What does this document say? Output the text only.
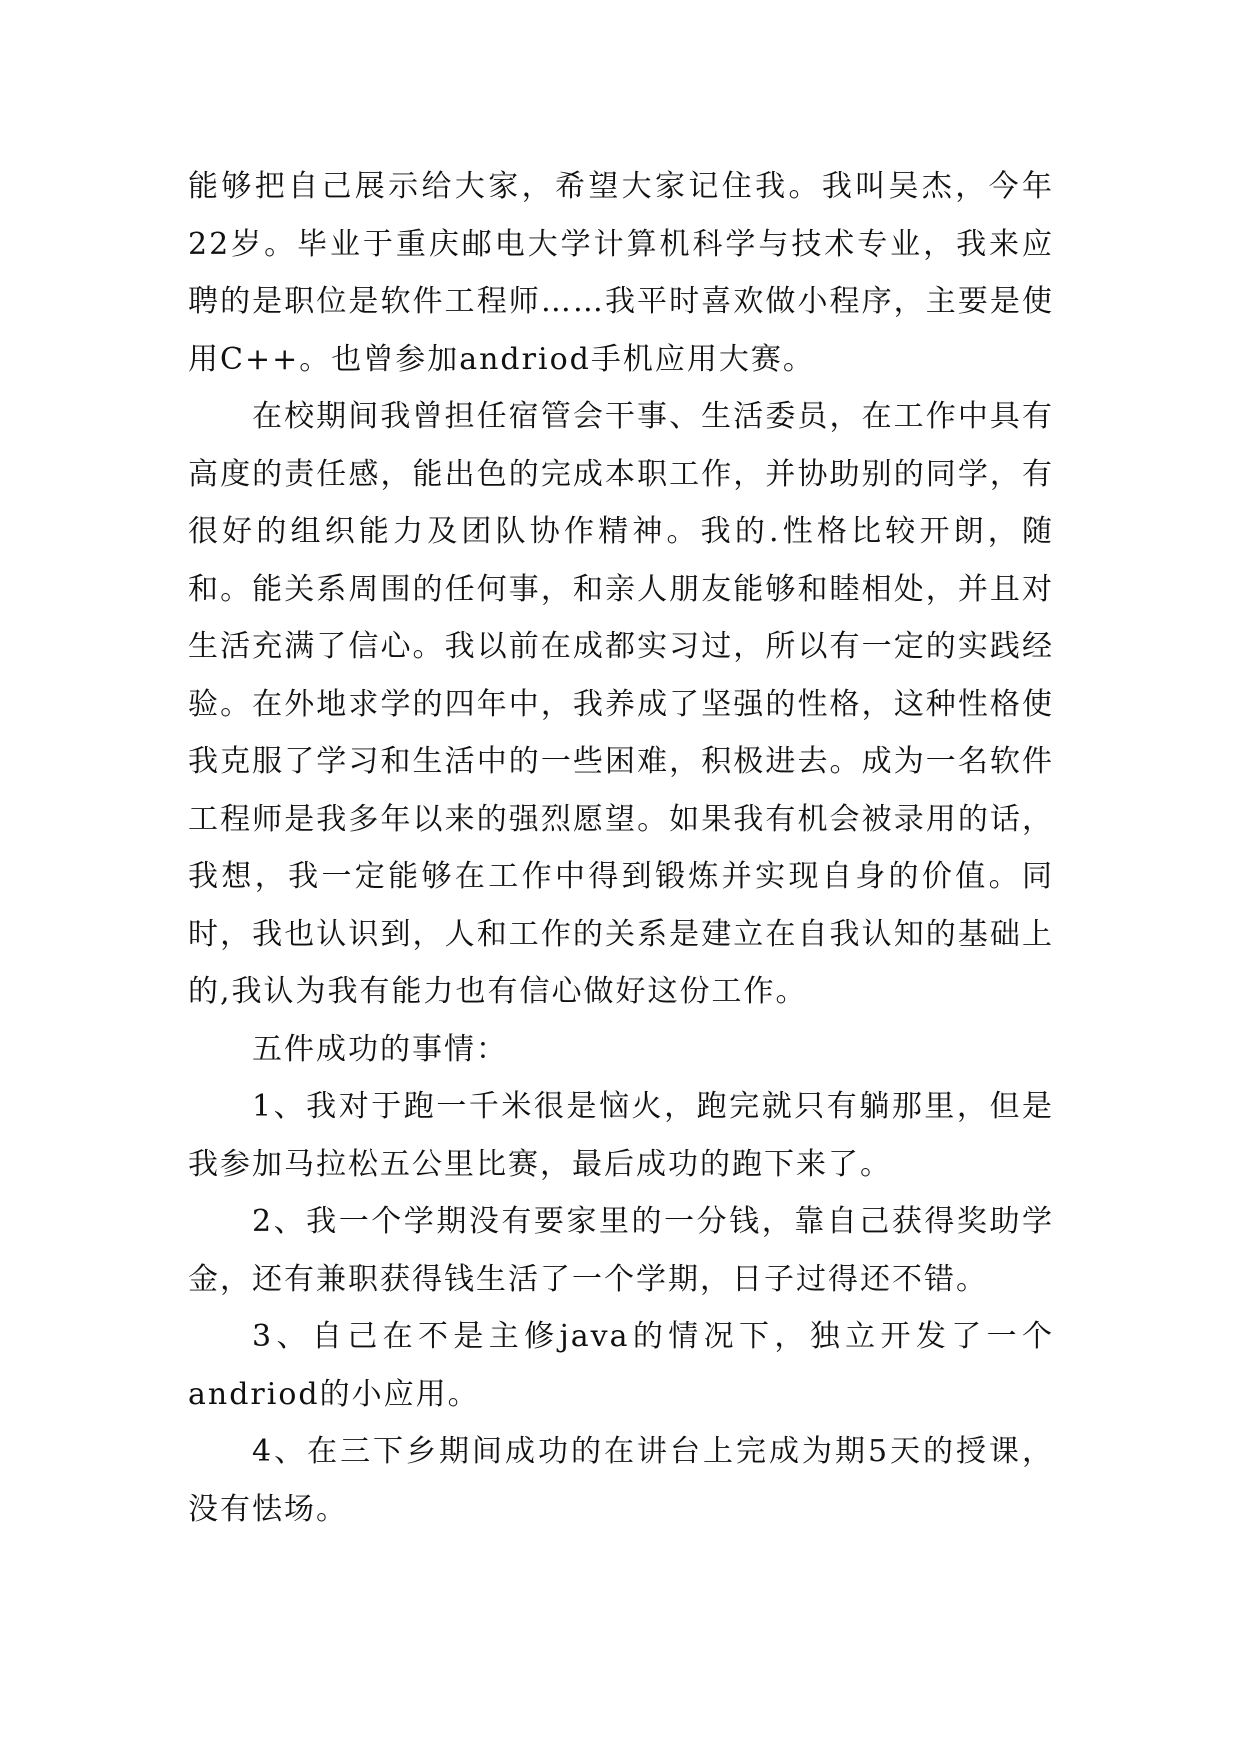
能够把自己展示给大家，希望大家记住我。我叫吴杰，今年22岁。毕业于重庆邮电大学计算机科学与技术专业，我来应聘的是职位是软件工程师……我平时喜欢做小程序，主要是使用C++。也曾参加andriod手机应用大赛。

在校期间我曾担任宿管会干事、生活委员，在工作中具有高度的责任感，能出色的完成本职工作，并协助别的同学，有很好的组织能力及团队协作精神。我的.性格比较开朗，随和。能关系周围的任何事，和亲人朋友能够和睦相处，并且对生活充满了信心。我以前在成都实习过，所以有一定的实践经验。在外地求学的四年中，我养成了坚强的性格，这种性格使我克服了学习和生活中的一些困难，积极进去。成为一名软件工程师是我多年以来的强烈愿望。如果我有机会被录用的话，我想，我一定能够在工作中得到锻炼并实现自身的价值。同时，我也认识到，人和工作的关系是建立在自我认知的基础上的,我认为我有能力也有信心做好这份工作。

五件成功的事情：

1、我对于跑一千米很是恼火，跑完就只有躺那里，但是我参加马拉松五公里比赛，最后成功的跑下来了。

2、我一个学期没有要家里的一分钱，靠自己获得奖助学金，还有兼职获得钱生活了一个学期，日子过得还不错。

3、自己在不是主修java的情况下，独立开发了一个andriod的小应用。

4、在三下乡期间成功的在讲台上完成为期5天的授课，没有怯场。
